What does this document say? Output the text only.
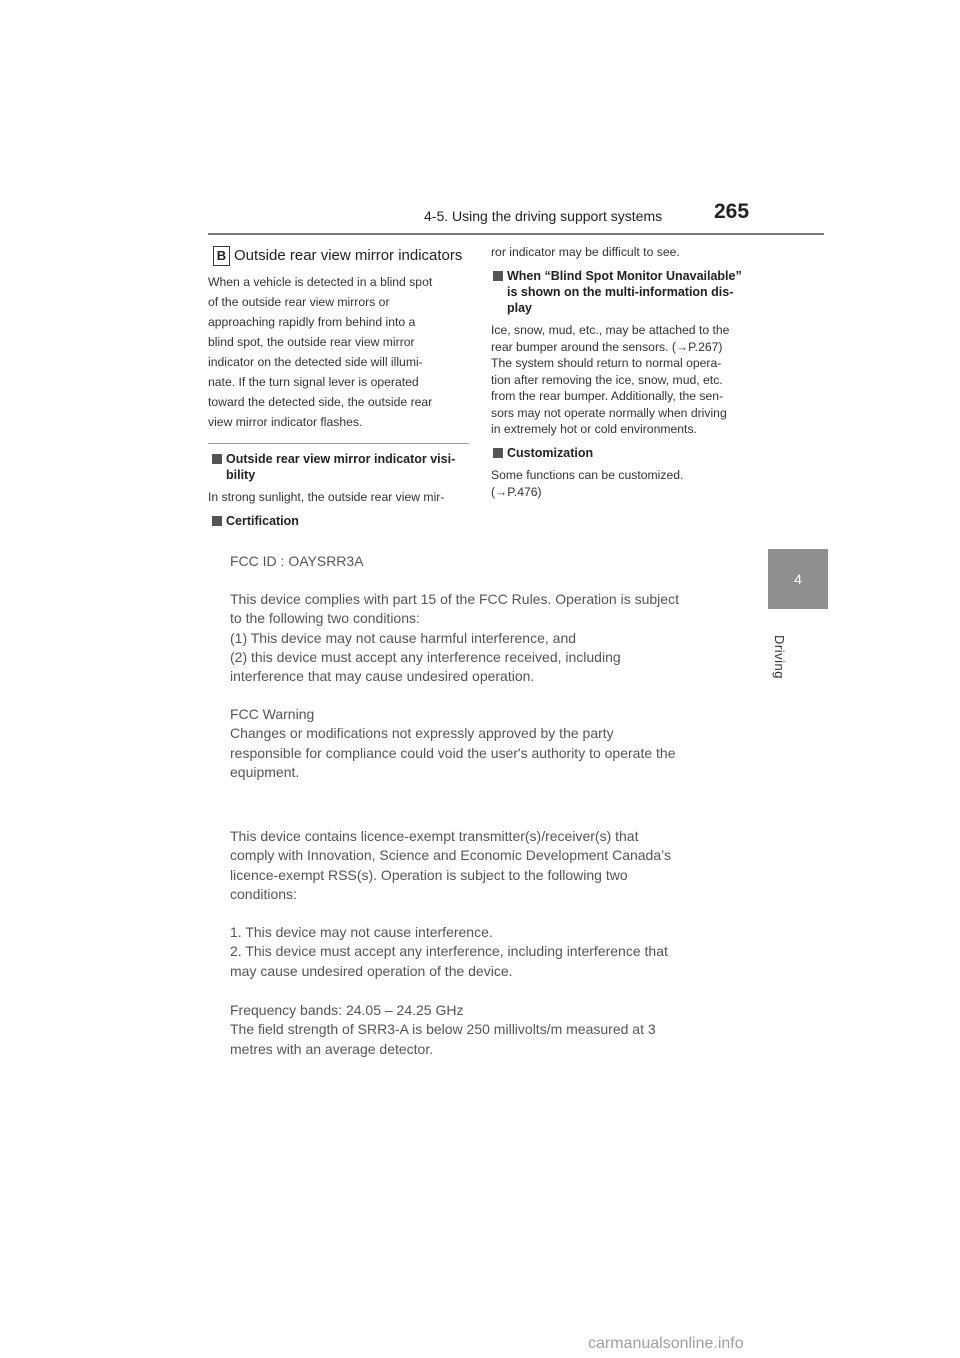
4-5. Using the driving support systems 265
4
Driving
B Outside rear view mirror indicators
When a vehicle is detected in a blind spot
of the outside rear view mirrors or
approaching rapidly from behind into a
blind spot, the outside rear view mirror
indicator on the detected side will illumi-
nate. If the turn signal lever is operated
toward the detected side, the outside rear
view mirror indicator flashes.
Outside rear view mirror indicator visi-
bility
In strong sunlight, the outside rear view mir-
Certification
ror indicator may be difficult to see.
When “Blind Spot Monitor Unavailable”
is shown on the multi-information dis-
play
Ice, snow, mud, etc., may be attached to the
rear bumper around the sensors. (→P.267)
The system should return to normal opera-
tion after removing the ice, snow, mud, etc.
from the rear bumper. Additionally, the sen-
sors may not operate normally when driving
in extremely hot or cold environments.
Customization
Some functions can be customized.
(→P.476)
FCC ID : OAYSRR3A
This device complies with part 15 of the FCC Rules. Operation is subject
to the following two conditions:
(1) This device may not cause harmful interference, and
(2) this device must accept any interference received, including
interference that may cause undesired operation.
FCC Warning
Changes or modifications not expressly approved by the party
responsible for compliance could void the user's authority to operate the
equipment.
This device contains licence-exempt transmitter(s)/receiver(s) that
comply with Innovation, Science and Economic Development Canada’s
licence-exempt RSS(s). Operation is subject to the following two
conditions:
1. This device may not cause interference.
2. This device must accept any interference, including interference that
may cause undesired operation of the device.
Frequency bands: 24.05 – 24.25 GHz
The field strength of SRR3-A is below 250 millivolts/m measured at 3
metres with an average detector.
carmanualsonline.info
